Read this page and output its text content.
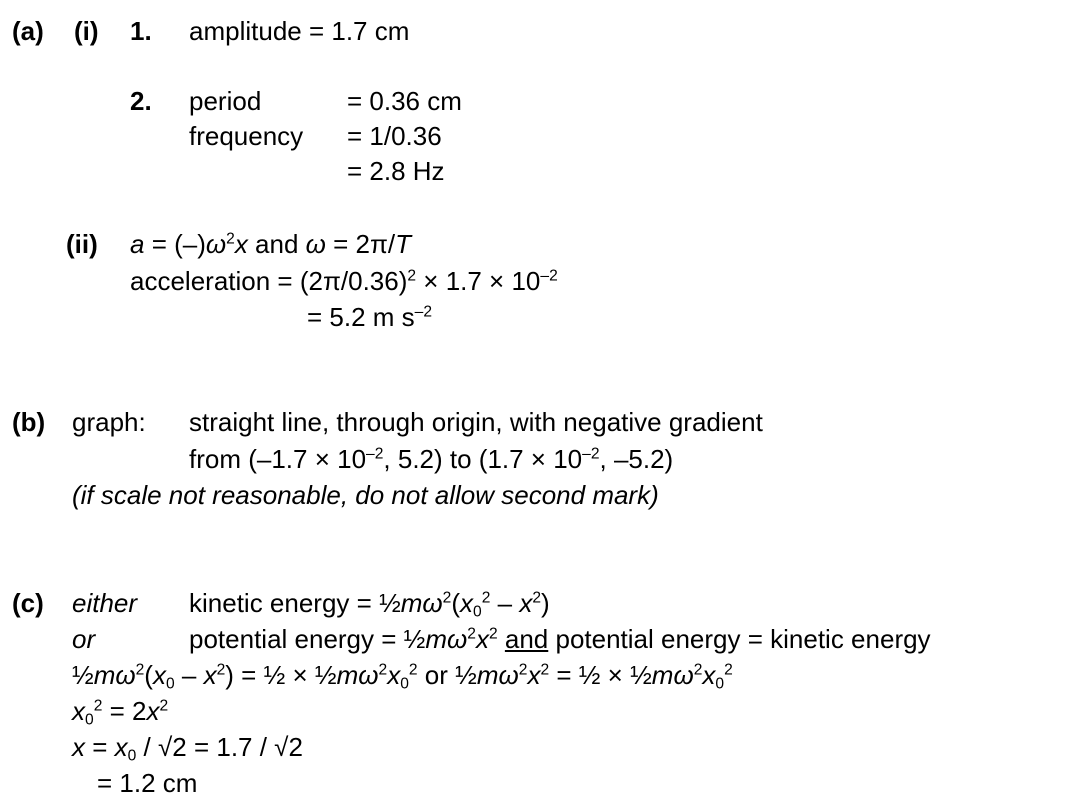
(a) (i) 1. amplitude = 1.7 cm
2. period	= 0.36 cm
frequency = 1/0.36
= 2.8 Hz
(ii) $a = (-)\omega^2x$ and ω = 2π/T
acceleration = $(2\pi/0.36)^2 \times 1.7 \times 10^{-2}$
= 5.2 m $s^{-2}$
(b) graph: straight line, through origin, with negative gradient
from ($-1.7 \times 10^{-2}$, 5.2) to ($1.7 \times 10^{-2}$, –5.2)
(if scale not reasonable, do not allow second mark)
(c) either kinetic energy = $\frac{1}{2}m\omega^2(x_0^2 - x^2)$
or	potential energy = $\frac{1}{2}m\omega^2x^2$ and potential energy = kinetic energy
$\frac{1}{2}m\omega^2(x_0 - x^2)$ = ½ × $\frac{1}{2}m\omega^2x_0^2$ or $\frac{1}{2}m\omega^2x^2$ = ½ × $\frac{1}{2}m\omega^2x_0^2$
$x_0^2 = 2x^2$
$x = x_0 / √2 = 1.7 / √2$
= 1.2 cm
